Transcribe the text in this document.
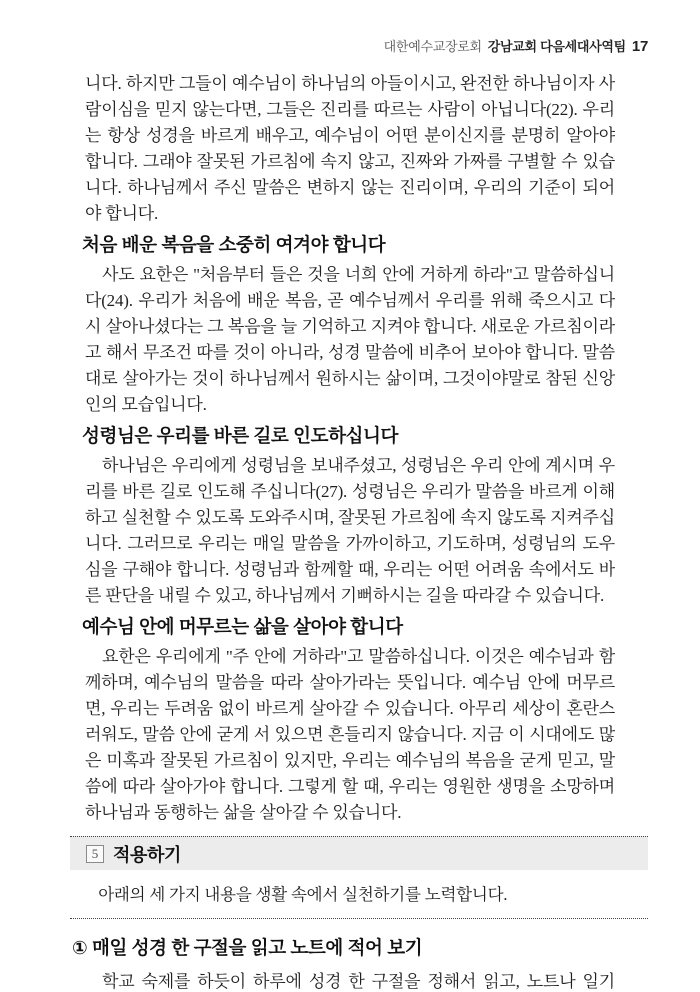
대한예수교장로회 강남교회 다음세대사역팀 17

니다. 하지만 그들이 예수님이 하나님의 아들이시고, 완전한 하나님이자 사람이심을 믿지 않는다면, 그들은 진리를 따르는 사람이 아닙니다(22). 우리는 항상 성경을 바르게 배우고, 예수님이 어떤 분이신지를 분명히 알아야 합니다. 그래야 잘못된 가르침에 속지 않고, 진짜와 가짜를 구별할 수 있습니다. 하나님께서 주신 말씀은 변하지 않는 진리이며, 우리의 기준이 되어야 합니다.

처음 배운 복음을 소중히 여겨야 합니다

사도 요한은 "처음부터 들은 것을 너희 안에 거하게 하라"고 말씀하십니다(24). 우리가 처음에 배운 복음, 곧 예수님께서 우리를 위해 죽으시고 다시 살아나셨다는 그 복음을 늘 기억하고 지켜야 합니다. 새로운 가르침이라고 해서 무조건 따를 것이 아니라, 성경 말씀에 비추어 보아야 합니다. 말씀대로 살아가는 것이 하나님께서 원하시는 삶이며, 그것이야말로 참된 신앙인의 모습입니다.

성령님은 우리를 바른 길로 인도하십니다

하나님은 우리에게 성령님을 보내주셨고, 성령님은 우리 안에 계시며 우리를 바른 길로 인도해 주십니다(27). 성령님은 우리가 말씀을 바르게 이해하고 실천할 수 있도록 도와주시며, 잘못된 가르침에 속지 않도록 지켜주십니다. 그러므로 우리는 매일 말씀을 가까이하고, 기도하며, 성령님의 도우심을 구해야 합니다. 성령님과 함께할 때, 우리는 어떤 어려움 속에서도 바른 판단을 내릴 수 있고, 하나님께서 기뻐하시는 길을 따라갈 수 있습니다.

예수님 안에 머무르는 삶을 살아야 합니다

요한은 우리에게 "주 안에 거하라"고 말씀하십니다. 이것은 예수님과 함께하며, 예수님의 말씀을 따라 살아가라는 뜻입니다. 예수님 안에 머무르면, 우리는 두려움 없이 바르게 살아갈 수 있습니다. 아무리 세상이 혼란스러워도, 말씀 안에 굳게 서 있으면 흔들리지 않습니다. 지금 이 시대에도 많은 미혹과 잘못된 가르침이 있지만, 우리는 예수님의 복음을 굳게 믿고, 말씀에 따라 살아가야 합니다. 그렇게 할 때, 우리는 영원한 생명을 소망하며 하나님과 동행하는 삶을 살아갈 수 있습니다.

5 적용하기

아래의 세 가지 내용을 생활 속에서 실천하기를 노력합니다.

① 매일 성경 한 구절을 읽고 노트에 적어 보기

학교 숙제를 하듯이 하루에 성경 한 구절을 정해서 읽고, 노트나 일기
